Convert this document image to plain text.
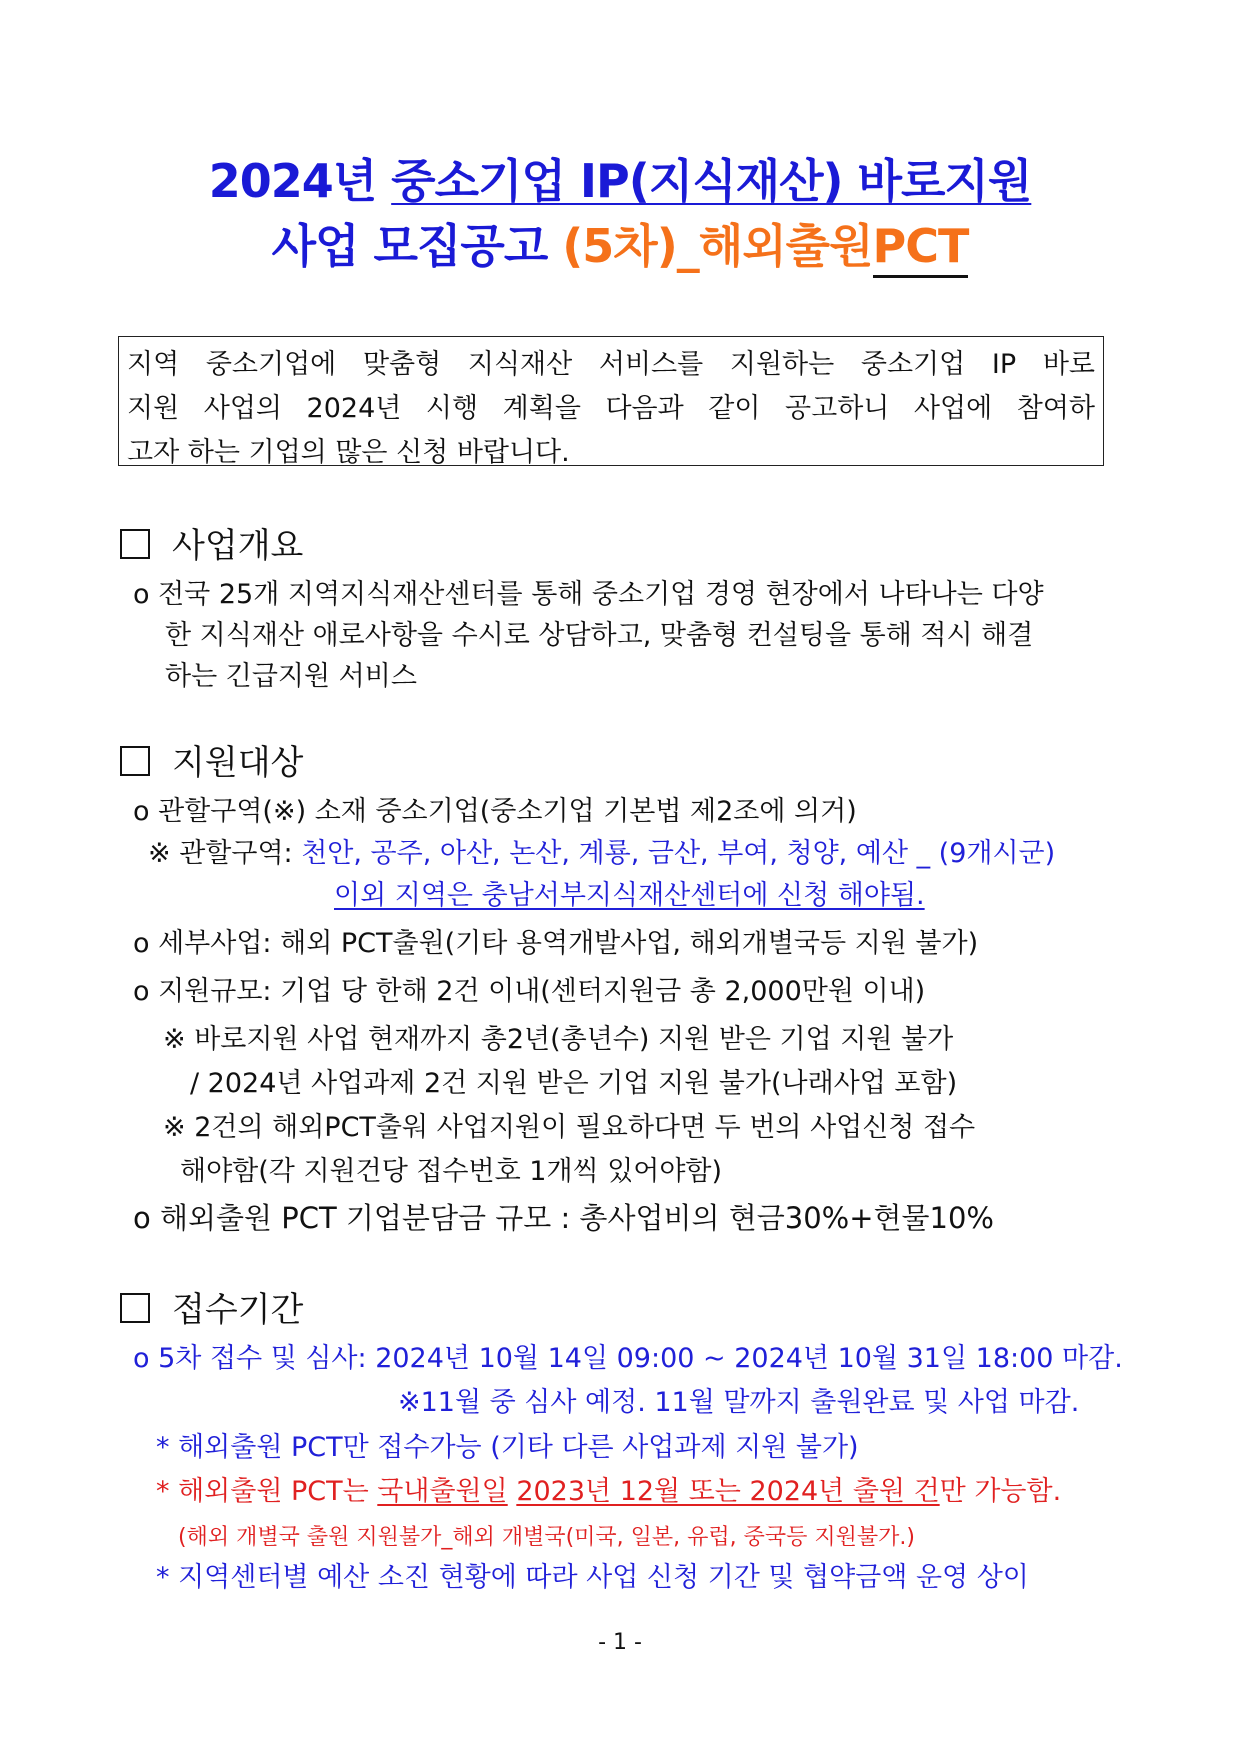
2024년 중소기업 IP(지식재산) 바로지원
사업 모집공고 (5차)_해외출원PCT
지역 중소기업에 맞춤형 지식재산 서비스를 지원하는 중소기업 IP 바로
지원 사업의 2024년 시행 계획을 다음과 같이 공고하니 사업에 참여하
고자 하는 기업의 많은 신청 바랍니다.
사업개요
o 전국 25개 지역지식재산센터를 통해 중소기업 경영 현장에서 나타나는 다양
한 지식재산 애로사항을 수시로 상담하고, 맞춤형 컨설팅을 통해 적시 해결
하는 긴급지원 서비스
지원대상
o 관할구역(※) 소재 중소기업(중소기업 기본법 제2조에 의거)
※ 관할구역: 천안, 공주, 아산, 논산, 계룡, 금산, 부여, 청양, 예산 _ (9개시군)
이외 지역은 충남서부지식재산센터에 신청 해야됨.
o 세부사업: 해외 PCT출원(기타 용역개발사업, 해외개별국등 지원 불가)
o 지원규모: 기업 당 한해 2건 이내(센터지원금 총 2,000만원 이내)
※ 바로지원 사업 현재까지 총2년(총년수) 지원 받은 기업 지원 불가
/ 2024년 사업과제 2건 지원 받은 기업 지원 불가(나래사업 포함)
※ 2건의 해외PCT출워 사업지원이 필요하다면 두 번의 사업신청 접수
해야함(각 지원건당 접수번호 1개씩 있어야함)
o 해외출원 PCT 기업분담금 규모 : 총사업비의 현금30%+현물10%
접수기간
o 5차 접수 및 심사: 2024년 10월 14일 09:00 ~ 2024년 10월 31일 18:00 마감.
※11월 중 심사 예정. 11월 말까지 출원완료 및 사업 마감.
* 해외출원 PCT만 접수가능 (기타 다른 사업과제 지원 불가)
* 해외출원 PCT는 국내출원일 2023년 12월 또는 2024년 출원 건만 가능함.
(해외 개별국 출원 지원불가_해외 개별국(미국, 일본, 유럽, 중국등 지원불가.)
* 지역센터별 예산 소진 현황에 따라 사업 신청 기간 및 협약금액 운영 상이
- 1 -
